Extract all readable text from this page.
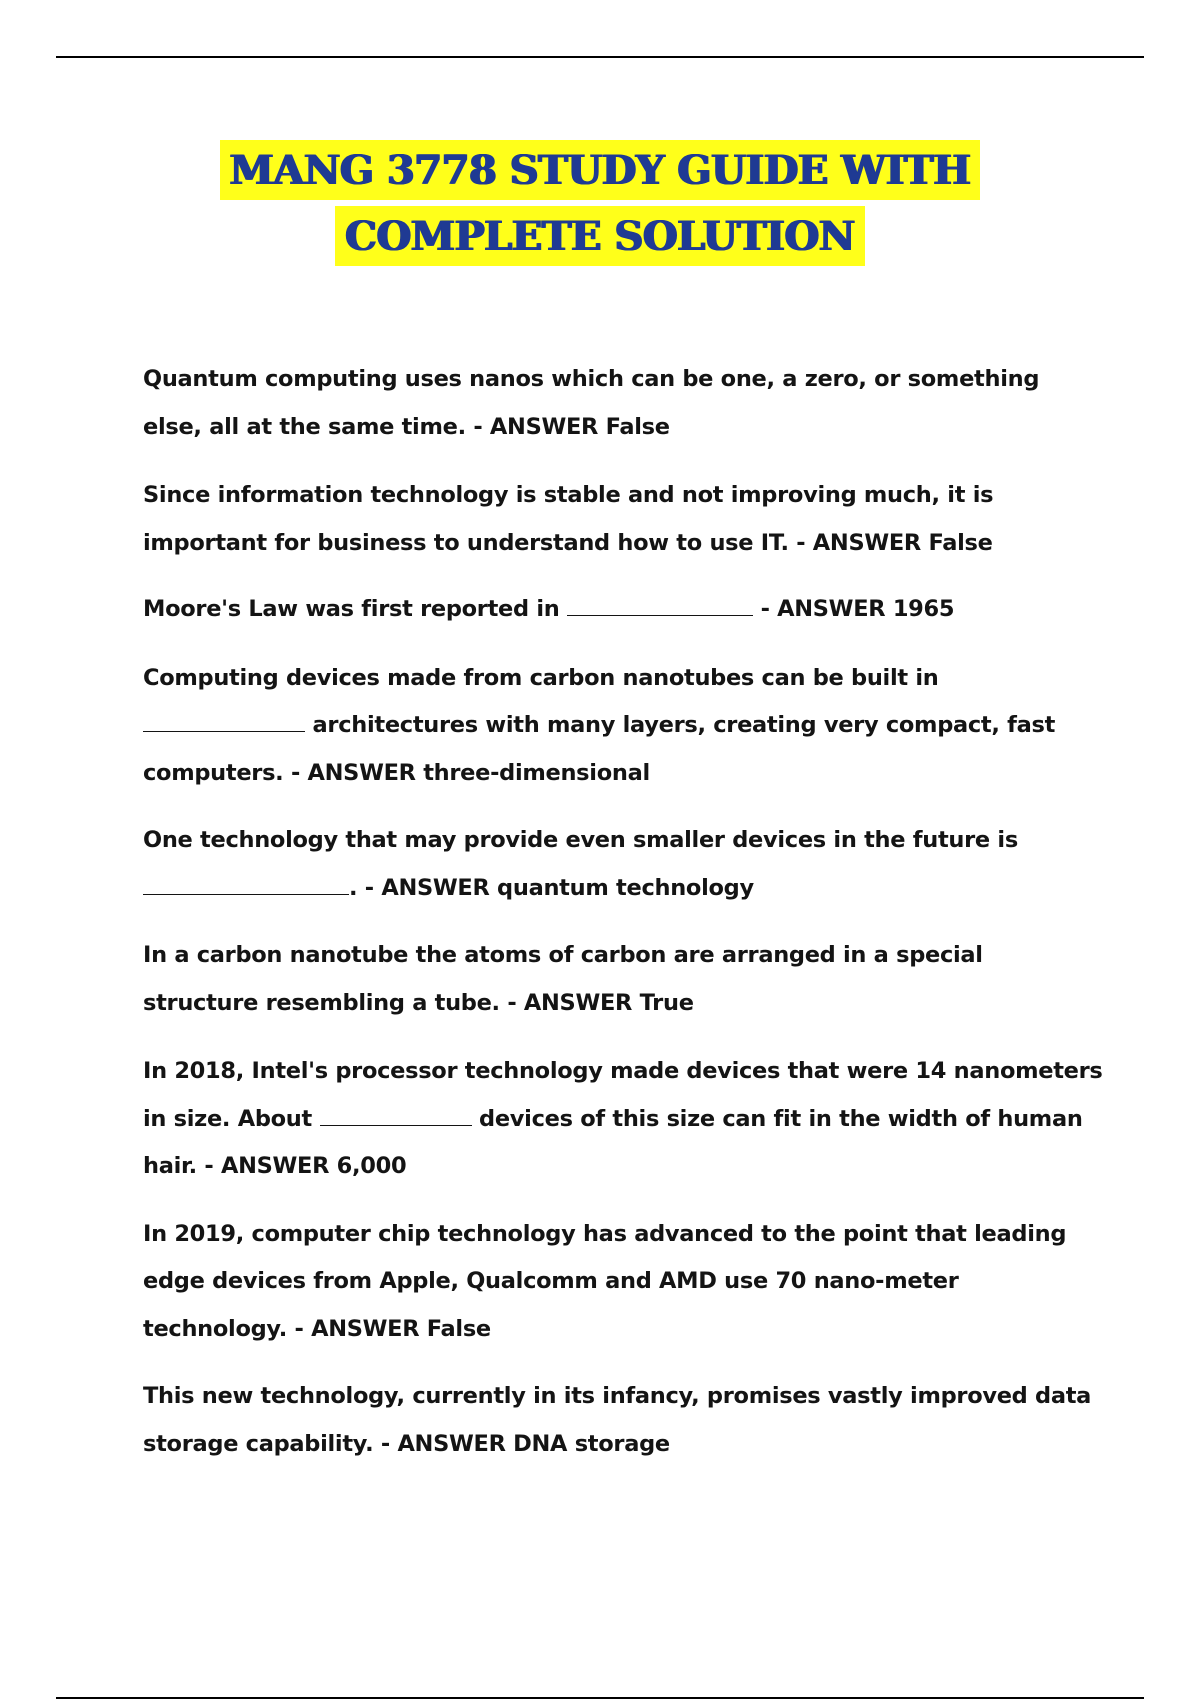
MANG 3778 STUDY GUIDE WITH
COMPLETE SOLUTION
Quantum computing uses nanos which can be one, a zero, or something else, all at the same time. - ANSWER False
Since information technology is stable and not improving much, it is important for business to understand how to use IT. - ANSWER False
Moore's Law was first reported in	- ANSWER 1965
Computing devices made from carbon nanotubes can be built in  architectures with many layers, creating very compact, fast computers. - ANSWER three-dimensional
One technology that may provide even smaller devices in the future is . - ANSWER quantum technology
In a carbon nanotube the atoms of carbon are arranged in a special structure resembling a tube. - ANSWER True
In 2018, Intel's processor technology made devices that were 14 nanometers in size. About	devices of this size can fit in the width of human hair. - ANSWER 6,000
In 2019, computer chip technology has advanced to the point that leading edge devices from Apple, Qualcomm and AMD use 70 nano-meter technology. - ANSWER False
This new technology, currently in its infancy, promises vastly improved data storage capability. - ANSWER DNA storage
